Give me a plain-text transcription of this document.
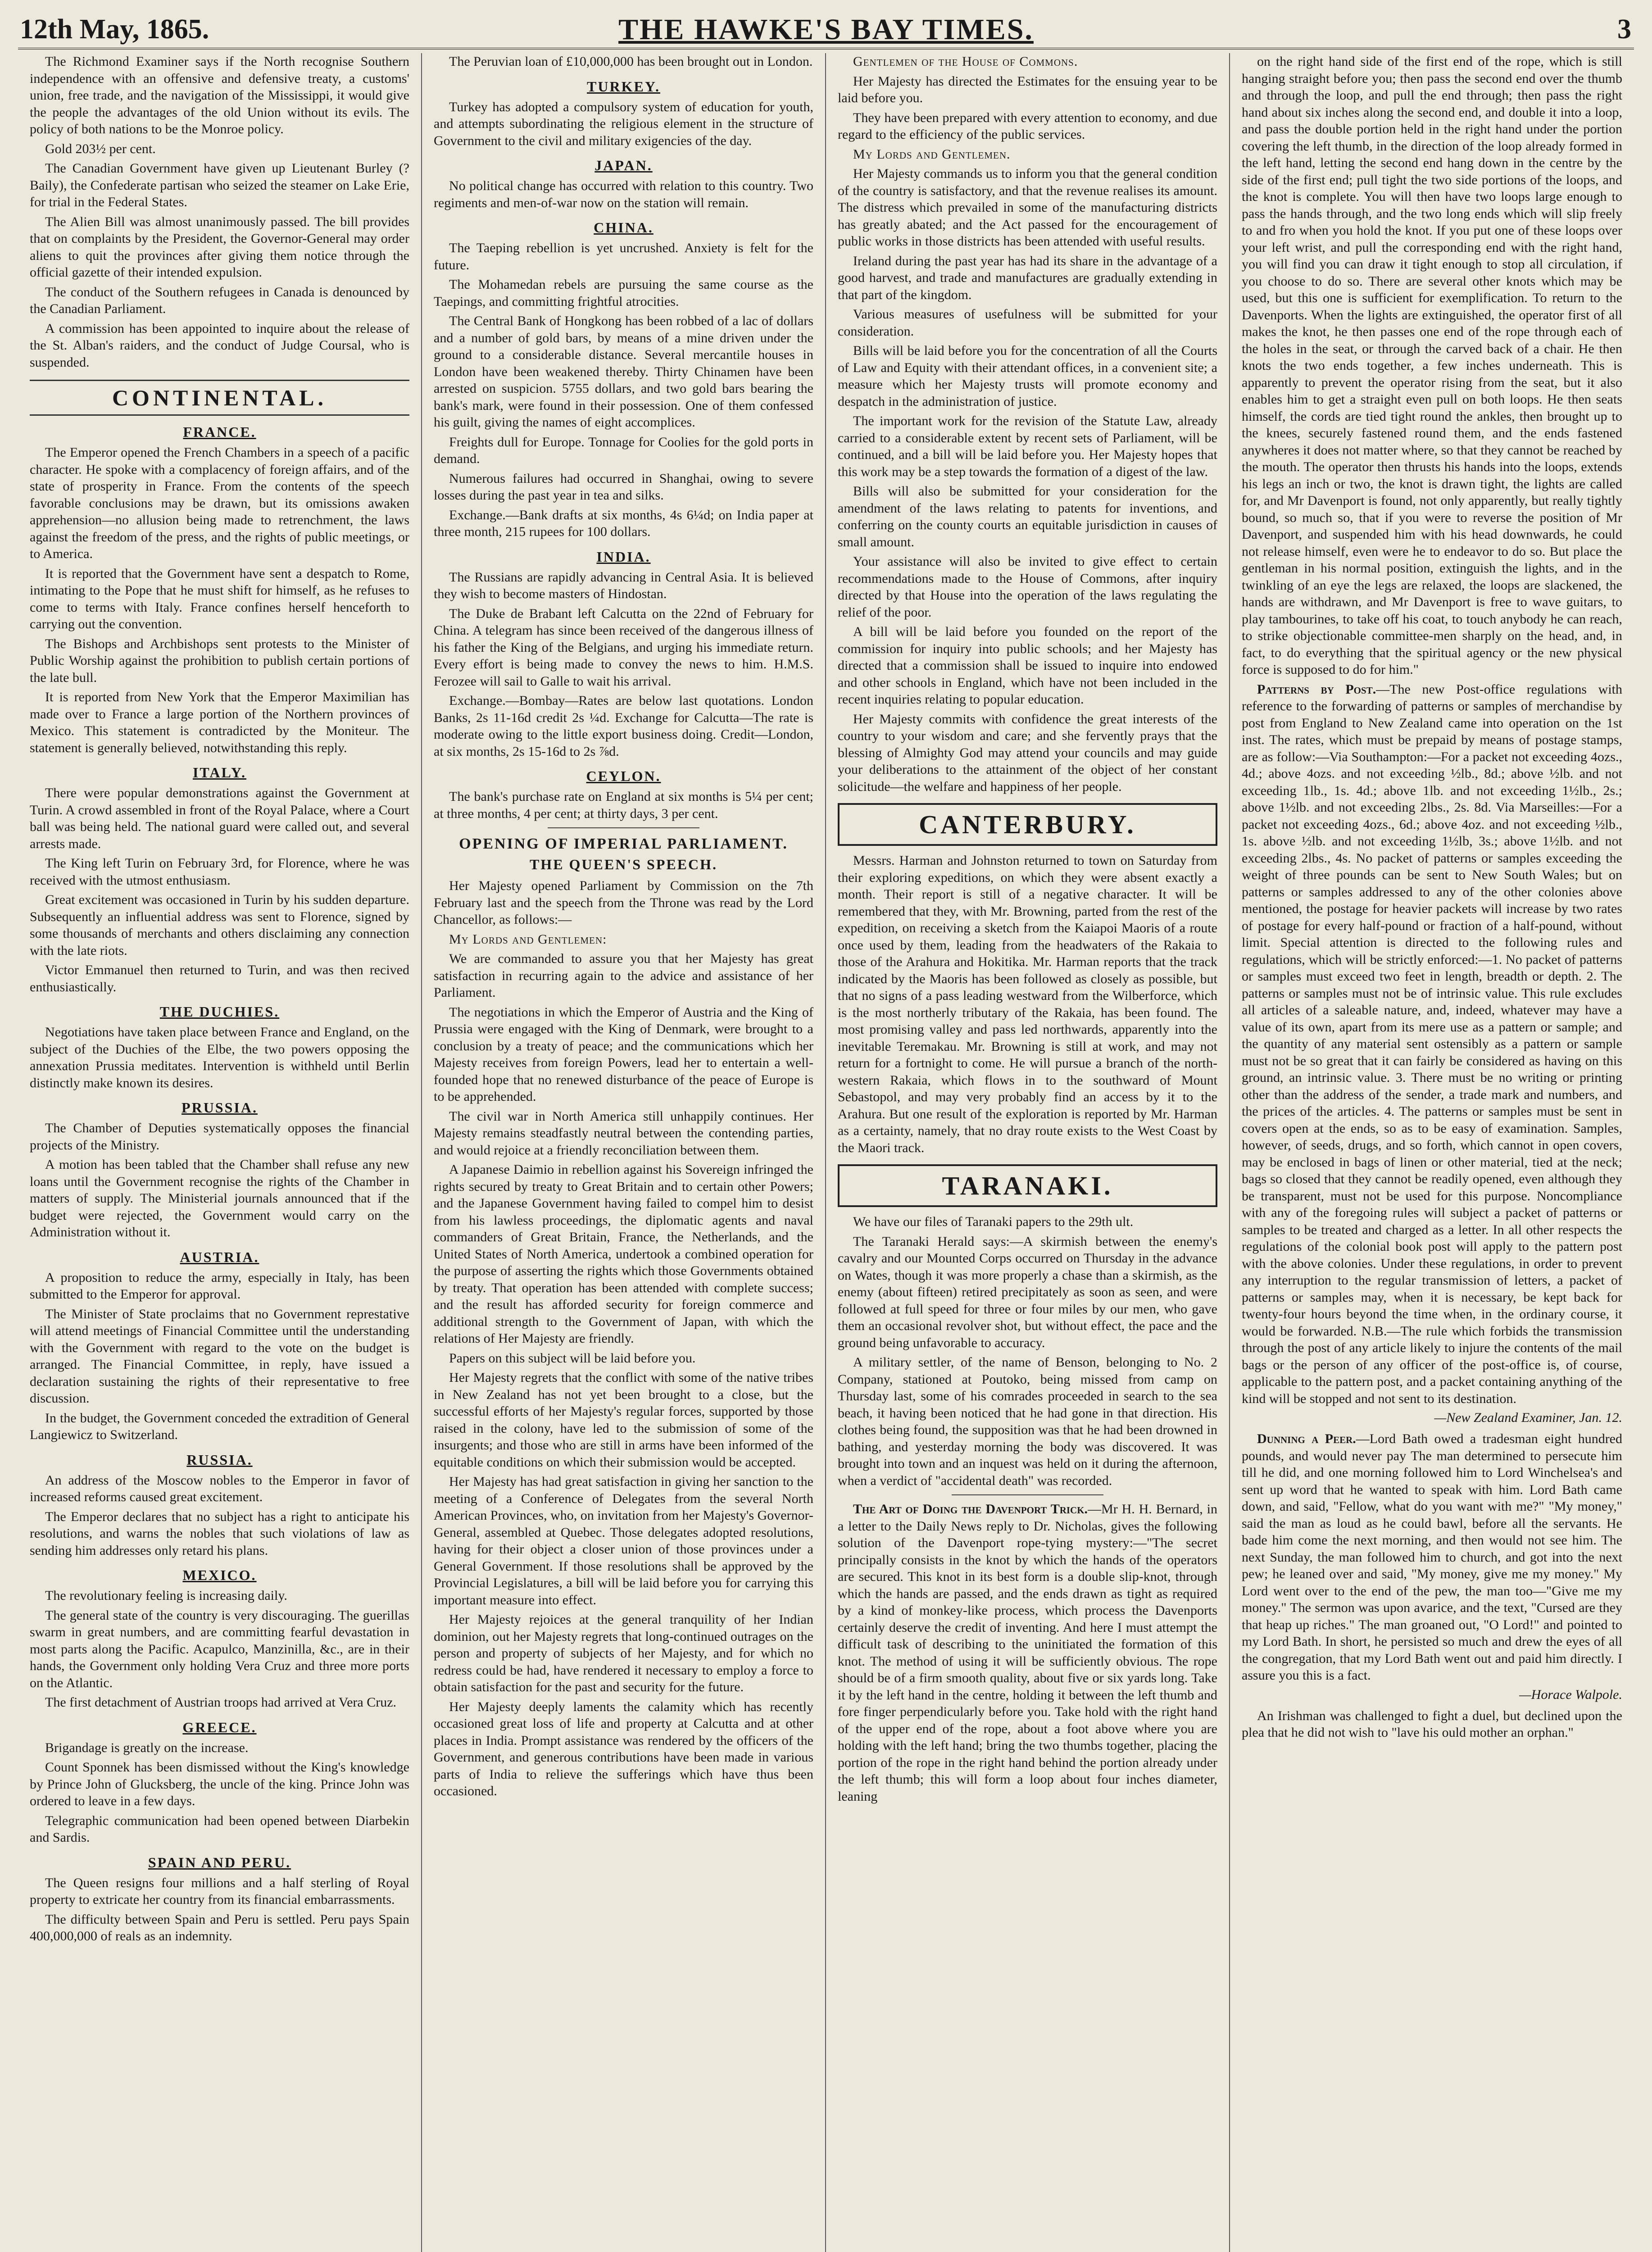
12th May, 1865.	THE HAWKE'S BAY TIMES.	3

The Richmond Examiner says if the North recognise Southern independence with an offensive and defensive treaty, a customs' union, free trade, and the navigation of the Mississippi, it would give the people the advantages of the old Union without its evils. The policy of both nations to be the Monroe policy.

Gold 203½ per cent.

The Canadian Government have given up Lieutenant Burley (? Baily), the Confederate partisan who seized the steamer on Lake Erie, for trial in the Federal States.

The Alien Bill was almost unanimously passed. The bill provides that on complaints by the President, the Governor-General may order aliens to quit the provinces after giving them notice through the official gazette of their intended expulsion.

The conduct of the Southern refugees in Canada is denounced by the Canadian Parliament.

A commission has been appointed to inquire about the release of the St. Alban's raiders, and the conduct of Judge Coursal, who is suspended.

CONTINENTAL.
FRANCE.

The Emperor opened the French Chambers in a speech of a pacific character. He spoke with a complacency of foreign affairs, and of the state of prosperity in France. From the contents of the speech favorable conclusions may be drawn, but its omissions awaken apprehension—no allusion being made to retrenchment, the laws against the freedom of the press, and the rights of public meetings, or to America.

It is reported that the Government have sent a despatch to Rome, intimating to the Pope that he must shift for himself, as he refuses to come to terms with Italy. France confines herself henceforth to carrying out the convention.

The Bishops and Archbishops sent protests to the Minister of Public Worship against the prohibition to publish certain portions of the late bull.

It is reported from New York that the Emperor Maximilian has made over to France a large portion of the Northern provinces of Mexico. This statement is contradicted by the Moniteur. The statement is generally believed, notwithstanding this reply.

ITALY.

There were popular demonstrations against the Government at Turin. A crowd assembled in front of the Royal Palace, where a Court ball was being held. The national guard were called out, and several arrests made.

The King left Turin on February 3rd, for Florence, where he was received with the utmost enthusiasm.

Great excitement was occasioned in Turin by his sudden departure. Subsequently an influential address was sent to Florence, signed by some thousands of merchants and others disclaiming any connection with the late riots.

Victor Emmanuel then returned to Turin, and was then recived enthusiastically.

THE DUCHIES.

Negotiations have taken place between France and England, on the subject of the Duchies of the Elbe, the two powers opposing the annexation Prussia meditates. Intervention is withheld until Berlin distinctly make known its desires.

PRUSSIA.

The Chamber of Deputies systematically opposes the financial projects of the Ministry.

A motion has been tabled that the Chamber shall refuse any new loans until the Government recognise the rights of the Chamber in matters of supply. The Ministerial journals announced that if the budget were rejected, the Government would carry on the Administration without it.

AUSTRIA.

A proposition to reduce the army, especially in Italy, has been submitted to the Emperor for approval.

The Minister of State proclaims that no Government represtative will attend meetings of Financial Committee until the understanding with the Government with regard to the vote on the budget is arranged. The Financial Committee, in reply, have issued a declaration sustaining the rights of their representative to free discussion.

In the budget, the Government conceded the extradition of General Langiewicz to Switzerland.

RUSSIA.

An address of the Moscow nobles to the Emperor in favor of increased reforms caused great excitement.

The Emperor declares that no subject has a right to anticipate his resolutions, and warns the nobles that such violations of law as sending him addresses only retard his plans.

MEXICO.

The revolutionary feeling is increasing daily.

The general state of the country is very discouraging. The guerillas swarm in great numbers, and are committing fearful devastation in most parts along the Pacific. Acapulco, Manzinilla, &c., are in their hands, the Government only holding Vera Cruz and three more ports on the Atlantic.

The first detachment of Austrian troops had arrived at Vera Cruz.

GREECE.

Brigandage is greatly on the increase.

Count Sponnek has been dismissed without the King's knowledge by Prince John of Glucksberg, the uncle of the king. Prince John was ordered to leave in a few days.

Telegraphic communication had been opened between Diarbekin and Sardis.

SPAIN AND PERU.

The Queen resigns four millions and a half sterling of Royal property to extricate her country from its financial embarrassments.

The difficulty between Spain and Peru is settled. Peru pays Spain 400,000,000 of reals as an indemnity.

The Peruvian loan of £10,000,000 has been brought out in London.

TURKEY.

Turkey has adopted a compulsory system of education for youth, and attempts subordinating the religious element in the structure of Government to the civil and military exigencies of the day.

JAPAN.

No political change has occurred with relation to this country. Two regiments and men-of-war now on the station will remain.

CHINA.

The Taeping rebellion is yet uncrushed. Anxiety is felt for the future.

The Mohamedan rebels are pursuing the same course as the Taepings, and committing frightful atrocities.

The Central Bank of Hongkong has been robbed of a lac of dollars and a number of gold bars, by means of a mine driven under the ground to a considerable distance. Several mercantile houses in London have been weakened thereby. Thirty Chinamen have been arrested on suspicion. 5755 dollars, and two gold bars bearing the bank's mark, were found in their possession. One of them confessed his guilt, giving the names of eight accomplices.

Freights dull for Europe. Tonnage for Coolies for the gold ports in demand.

Numerous failures had occurred in Shanghai, owing to severe losses during the past year in tea and silks.

Exchange.—Bank drafts at six months, 4s 6¼d; on India paper at three month, 215 rupees for 100 dollars.

INDIA.

The Russians are rapidly advancing in Central Asia. It is believed they wish to become masters of Hindostan.

The Duke de Brabant left Calcutta on the 22nd of February for China. A telegram has since been received of the dangerous illness of his father the King of the Belgians, and urging his immediate return. Every effort is being made to convey the news to him. H.M.S. Ferozee will sail to Galle to wait his arrival.

Exchange.—Bombay—Rates are below last quotations. London Banks, 2s 11-16d credit 2s ¼d. Exchange for Calcutta—The rate is moderate owing to the little export business doing. Credit—London, at six months, 2s 15-16d to 2s ⅞d.

CEYLON.

The bank's purchase rate on England at six months is 5¼ per cent; at three months, 4 per cent; at thirty days, 3 per cent.

OPENING OF IMPERIAL PARLIAMENT.
THE QUEEN'S SPEECH.

Her Majesty opened Parliament by Commission on the 7th February last and the speech from the Throne was read by the Lord Chancellor, as follows:—

My Lords and Gentlemen:

We are commanded to assure you that her Majesty has great satisfaction in recurring again to the advice and assistance of her Parliament.

The negotiations in which the Emperor of Austria and the King of Prussia were engaged with the King of Denmark, were brought to a conclusion by a treaty of peace; and the communications which her Majesty receives from foreign Powers, lead her to entertain a well-founded hope that no renewed disturbance of the peace of Europe is to be apprehended.

The civil war in North America still unhappily continues. Her Majesty remains steadfastly neutral between the contending parties, and would rejoice at a friendly reconciliation between them.

A Japanese Daimio in rebellion against his Sovereign infringed the rights secured by treaty to Great Britain and to certain other Powers; and the Japanese Government having failed to compel him to desist from his lawless proceedings, the diplomatic agents and naval commanders of Great Britain, France, the Netherlands, and the United States of North America, undertook a combined operation for the purpose of asserting the rights which those Governments obtained by treaty. That operation has been attended with complete success; and the result has afforded security for foreign commerce and additional strength to the Government of Japan, with which the relations of Her Majesty are friendly.

Papers on this subject will be laid before you.

Her Majesty regrets that the conflict with some of the native tribes in New Zealand has not yet been brought to a close, but the successful efforts of her Majesty's regular forces, supported by those raised in the colony, have led to the submission of some of the insurgents; and those who are still in arms have been informed of the equitable conditions on which their submission would be accepted.

Her Majesty has had great satisfaction in giving her sanction to the meeting of a Conference of Delegates from the several North American Provinces, who, on invitation from her Majesty's Governor-General, assembled at Quebec. Those delegates adopted resolutions, having for their object a closer union of those provinces under a General Government. If those resolutions shall be approved by the Provincial Legislatures, a bill will be laid before you for carrying this important measure into effect.

Her Majesty rejoices at the general tranquility of her Indian dominion, out her Majesty regrets that long-continued outrages on the person and property of subjects of her Majesty, and for which no redress could be had, have rendered it necessary to employ a force to obtain satisfaction for the past and security for the future.

Her Majesty deeply laments the calamity which has recently occasioned great loss of life and property at Calcutta and at other places in India. Prompt assistance was rendered by the officers of the Government, and generous contributions have been made in various parts of India to relieve the sufferings which have thus been occasioned.

Gentlemen of the House of Commons.

Her Majesty has directed the Estimates for the ensuing year to be laid before you.

They have been prepared with every attention to economy, and due regard to the efficiency of the public services.

My Lords and Gentlemen.

Her Majesty commands us to inform you that the general condition of the country is satisfactory, and that the revenue realises its amount. The distress which prevailed in some of the manufacturing districts has greatly abated; and the Act passed for the encouragement of public works in those districts has been attended with useful results.

Ireland during the past year has had its share in the advantage of a good harvest, and trade and manufactures are gradually extending in that part of the kingdom.

Various measures of usefulness will be submitted for your consideration.

Bills will be laid before you for the concentration of all the Courts of Law and Equity with their attendant offices, in a convenient site; a measure which her Majesty trusts will promote economy and despatch in the administration of justice.

The important work for the revision of the Statute Law, already carried to a considerable extent by recent sets of Parliament, will be continued, and a bill will be laid before you. Her Majesty hopes that this work may be a step towards the formation of a digest of the law.

Bills will also be submitted for your consideration for the amendment of the laws relating to patents for inventions, and conferring on the county courts an equitable jurisdiction in causes of small amount.

Your assistance will also be invited to give effect to certain recommendations made to the House of Commons, after inquiry directed by that House into the operation of the laws regulating the relief of the poor.

A bill will be laid before you founded on the report of the commission for inquiry into public schools; and her Majesty has directed that a commission shall be issued to inquire into endowed and other schools in England, which have not been included in the recent inquiries relating to popular education.

Her Majesty commits with confidence the great interests of the country to your wisdom and care; and she fervently prays that the blessing of Almighty God may attend your councils and may guide your deliberations to the attainment of the object of her constant solicitude—the welfare and happiness of her people.

CANTERBURY.

Messrs. Harman and Johnston returned to town on Saturday from their exploring expeditions, on which they were absent exactly a month. Their report is still of a negative character. It will be remembered that they, with Mr. Browning, parted from the rest of the expedition, on receiving a sketch from the Kaiapoi Maoris of a route once used by them, leading from the headwaters of the Rakaia to those of the Arahura and Hokitika. Mr. Harman reports that the track indicated by the Maoris has been followed as closely as possible, but that no signs of a pass leading westward from the Wilberforce, which is the most northerly tributary of the Rakaia, has been found. The most promising valley and pass led northwards, apparently into the inevitable Teremakau. Mr. Browning is still at work, and may not return for a fortnight to come. He will pursue a branch of the north-western Rakaia, which flows in to the southward of Mount Sebastopol, and may very probably find an access by it to the Arahura. But one result of the exploration is reported by Mr. Harman as a certainty, namely, that no dray route exists to the West Coast by the Maori track.

TARANAKI.

We have our files of Taranaki papers to the 29th ult.

The Taranaki Herald says:—A skirmish between the enemy's cavalry and our Mounted Corps occurred on Thursday in the advance on Wates, though it was more properly a chase than a skirmish, as the enemy (about fifteen) retired precipitately as soon as seen, and were followed at full speed for three or four miles by our men, who gave them an occasional revolver shot, but without effect, the pace and the ground being unfavorable to accuracy.

A military settler, of the name of Benson, belonging to No. 2 Company, stationed at Poutoko, being missed from camp on Thursday last, some of his comrades proceeded in search to the sea beach, it having been noticed that he had gone in that direction. His clothes being found, the supposition was that he had been drowned in bathing, and yesterday morning the body was discovered. It was brought into town and an inquest was held on it during the afternoon, when a verdict of "accidental death" was recorded.

The Art of Doing the Davenport Trick.—Mr H. H. Bernard, in a letter to the Daily News reply to Dr. Nicholas, gives the following solution of the Davenport rope-tying mystery:—"The secret principally consists in the knot by which the hands of the operators are secured. This knot in its best form is a double slip-knot, through which the hands are passed, and the ends drawn as tight as required by a kind of monkey-like process, which process the Davenports certainly deserve the credit of inventing. And here I must attempt the difficult task of describing to the uninitiated the formation of this knot. The method of using it will be sufficiently obvious. The rope should be of a firm smooth quality, about five or six yards long. Take it by the left hand in the centre, holding it between the left thumb and fore finger perpendicularly before you. Take hold with the right hand of the upper end of the rope, about a foot above where you are holding with the left hand; bring the two thumbs together, placing the portion of the rope in the right hand behind the portion already under the left thumb; this will form a loop about four inches diameter, leaning

on the right hand side of the first end of the rope, which is still hanging straight before you; then pass the second end over the thumb and through the loop, and pull the end through; then pass the right hand about six inches along the second end, and double it into a loop, and pass the double portion held in the right hand under the portion covering the left thumb, in the direction of the loop already formed in the left hand, letting the second end hang down in the centre by the side of the first end; pull tight the two side portions of the loops, and the knot is complete. You will then have two loops large enough to pass the hands through, and the two long ends which will slip freely to and fro when you hold the knot. If you put one of these loops over your left wrist, and pull the corresponding end with the right hand, you will find you can draw it tight enough to stop all circulation, if you choose to do so. There are several other knots which may be used, but this one is sufficient for exemplification. To return to the Davenports. When the lights are extinguished, the operator first of all makes the knot, he then passes one end of the rope through each of the holes in the seat, or through the carved back of a chair. He then knots the two ends together, a few inches underneath. This is apparently to prevent the operator rising from the seat, but it also enables him to get a straight even pull on both loops. He then seats himself, the cords are tied tight round the ankles, then brought up to the knees, securely fastened round them, and the ends fastened anywheres it does not matter where, so that they cannot be reached by the mouth. The operator then thrusts his hands into the loops, extends his legs an inch or two, the knot is drawn tight, the lights are called for, and Mr Davenport is found, not only apparently, but really tightly bound, so much so, that if you were to reverse the position of Mr Davenport, and suspended him with his head downwards, he could not release himself, even were he to endeavor to do so. But place the gentleman in his normal position, extinguish the lights, and in the twinkling of an eye the legs are relaxed, the loops are slackened, the hands are withdrawn, and Mr Davenport is free to wave guitars, to play tambourines, to take off his coat, to touch anybody he can reach, to strike objectionable committee-men sharply on the head, and, in fact, to do everything that the spiritual agency or the new physical force is supposed to do for him."

Patterns by Post.—The new Post-office regulations with reference to the forwarding of patterns or samples of merchandise by post from England to New Zealand came into operation on the 1st inst. The rates, which must be prepaid by means of postage stamps, are as follow:—Via Southampton:—For a packet not exceeding 4ozs., 4d.; above 4ozs. and not exceeding ½lb., 8d.; above ½lb. and not exceeding 1lb., 1s. 4d.; above 1lb. and not exceeding 1½lb., 2s.; above 1½lb. and not exceeding 2lbs., 2s. 8d. Via Marseilles:—For a packet not exceeding 4ozs., 6d.; above 4oz. and not exceeding ½lb., 1s. above ½lb. and not exceeding 1½lb, 3s.; above 1½lb. and not exceeding 2lbs., 4s. No packet of patterns or samples exceeding the weight of three pounds can be sent to New South Wales; but on patterns or samples addressed to any of the other colonies above mentioned, the postage for heavier packets will increase by two rates of postage for every half-pound or fraction of a half-pound, without limit. Special attention is directed to the following rules and regulations, which will be strictly enforced:—1. No packet of patterns or samples must exceed two feet in length, breadth or depth. 2. The patterns or samples must not be of intrinsic value. This rule excludes all articles of a saleable nature, and, indeed, whatever may have a value of its own, apart from its mere use as a pattern or sample; and the quantity of any material sent ostensibly as a pattern or sample must not be so great that it can fairly be considered as having on this ground, an intrinsic value. 3. There must be no writing or printing other than the address of the sender, a trade mark and numbers, and the prices of the articles. 4. The patterns or samples must be sent in covers open at the ends, so as to be easy of examination. Samples, however, of seeds, drugs, and so forth, which cannot in open covers, may be enclosed in bags of linen or other material, tied at the neck; bags so closed that they cannot be readily opened, even although they be transparent, must not be used for this purpose. Noncompliance with any of the foregoing rules will subject a packet of patterns or samples to be treated and charged as a letter. In all other respects the regulations of the colonial book post will apply to the pattern post with the above colonies. Under these regulations, in order to prevent any interruption to the regular transmission of letters, a packet of patterns or samples may, when it is necessary, be kept back for twenty-four hours beyond the time when, in the ordinary course, it would be forwarded. N.B.—The rule which forbids the transmission through the post of any article likely to injure the contents of the mail bags or the person of any officer of the post-office is, of course, applicable to the pattern post, and a packet containing anything of the kind will be stopped and not sent to its destination.

—New Zealand Examiner, Jan. 12.

Dunning a Peer.—Lord Bath owed a tradesman eight hundred pounds, and would never pay The man determined to persecute him till he did, and one morning followed him to Lord Winchelsea's and sent up word that he wanted to speak with him. Lord Bath came down, and said, "Fellow, what do you want with me?" "My money," said the man as loud as he could bawl, before all the servants. He bade him come the next morning, and then would not see him. The next Sunday, the man followed him to church, and got into the next pew; he leaned over and said, "My money, give me my money." My Lord went over to the end of the pew, the man too—"Give me my money." The sermon was upon avarice, and the text, "Cursed are they that heap up riches." The man groaned out, "O Lord!" and pointed to my Lord Bath. In short, he persisted so much and drew the eyes of all the congregation, that my Lord Bath went out and paid him directly. I assure you this is a fact.

—Horace Walpole.

An Irishman was challenged to fight a duel, but declined upon the plea that he did not wish to "lave his ould mother an orphan."
